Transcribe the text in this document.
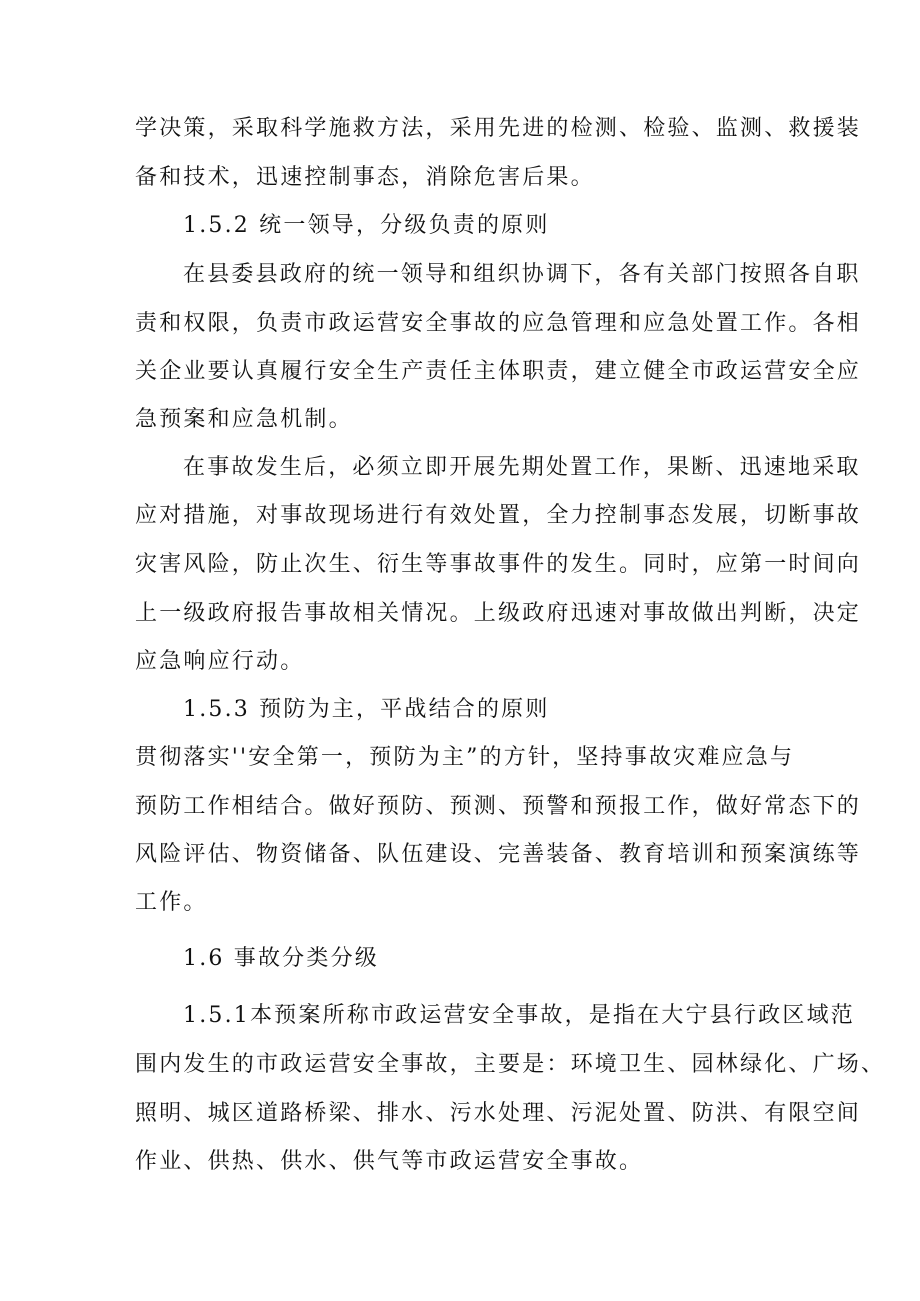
学决策，采取科学施救方法，采用先进的检测、检验、监测、救援装
备和技术，迅速控制事态，消除危害后果。
1.5.2 统一领导，分级负责的原则
在县委县政府的统一领导和组织协调下，各有关部门按照各自职
责和权限，负责市政运营安全事故的应急管理和应急处置工作。各相
关企业要认真履行安全生产责任主体职责，建立健全市政运营安全应
急预案和应急机制。
在事故发生后，必须立即开展先期处置工作，果断、迅速地采取
应对措施，对事故现场进行有效处置，全力控制事态发展，切断事故
灾害风险，防止次生、衍生等事故事件的发生。同时，应第一时间向
上一级政府报告事故相关情况。上级政府迅速对事故做出判断，决定
应急响应行动。
1.5.3 预防为主，平战结合的原则
贯彻落实''安全第一，预防为主”的方针，坚持事故灾难应急与
预防工作相结合。做好预防、预测、预警和预报工作，做好常态下的
风险评估、物资储备、队伍建设、完善装备、教育培训和预案演练等
工作。
1.6 事故分类分级
1.5.1本预案所称市政运营安全事故，是指在大宁县行政区域范
围内发生的市政运营安全事故，主要是：环境卫生、园林绿化、广场、
照明、城区道路桥梁、排水、污水处理、污泥处置、防洪、有限空间
作业、供热、供水、供气等市政运营安全事故。
